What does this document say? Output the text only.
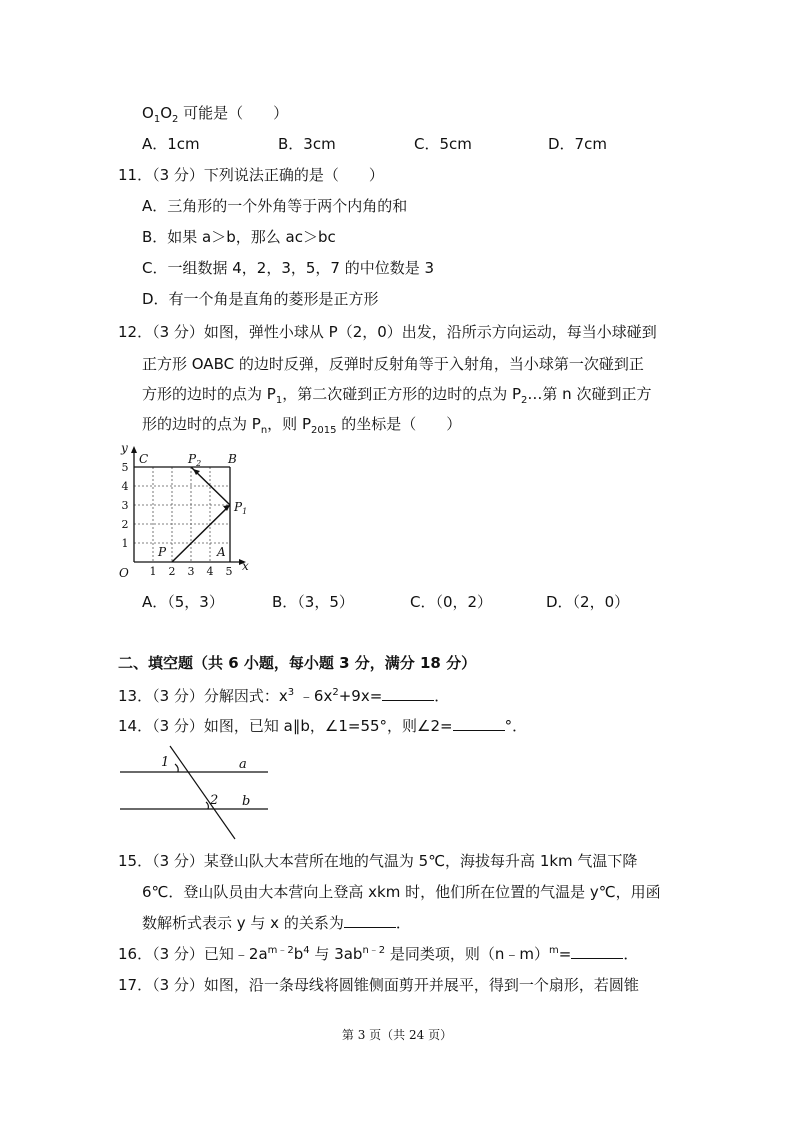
$O_1O_2$ 可能是（　　）
A．1cm	B．3cm	C．5cm	D．7cm
11．（3 分）下列说法正确的是（　　）
A．三角形的一个外角等于两个内角的和
B．如果 a＞b，那么 ac＞bc
C．一组数据 4，2，3，5，7 的中位数是 3
D．有一个角是直角的菱形是正方形
12．（3 分）如图，弹性小球从 P（2，0）出发，沿所示方向运动，每当小球碰到
正方形 OABC 的边时反弹，反弹时反射角等于入射角，当小球第一次碰到正
方形的边时的点为 $P_1$，第二次碰到正方形的边时的点为 $P_2\dots$第 n 次碰到正方
形的边时的点为 $P_n$，则 $P_{2015}$ 的坐标是（　　）
y
x
O
C	B
A
P
$P_1$
$P_2$
1
2
3
4
5
1 2 3 4 5
A．（5，3）	B．（3，5）	C．（0，2）	D．（2，0）
二、填空题（共 6 小题，每小题 3 分，满分 18 分）
13．（3 分）分解因式：$x^3$ $﹣6x^2+9x=$	．
14．（3 分）如图，已知 a∥b，∠1=55°，则∠2=	°．
1
2
a
b
15．（3 分）某登山队大本营所在地的气温为 5℃，海拔每升高 1km 气温下降
6℃．登山队员由大本营向上登高 xkm 时，他们所在位置的气温是 y℃，用函
数解析式表示 y 与 x 的关系为	．
16．（3 分）已知$﹣2a^{m﹣2}b^4$ 与 $3ab^{n﹣2}$ 是同类项，则（n﹣m）$^m$=	．
17．（3 分）如图，沿一条母线将圆锥侧面剪开并展平，得到一个扇形，若圆锥
第 3 页（共 24 页）
